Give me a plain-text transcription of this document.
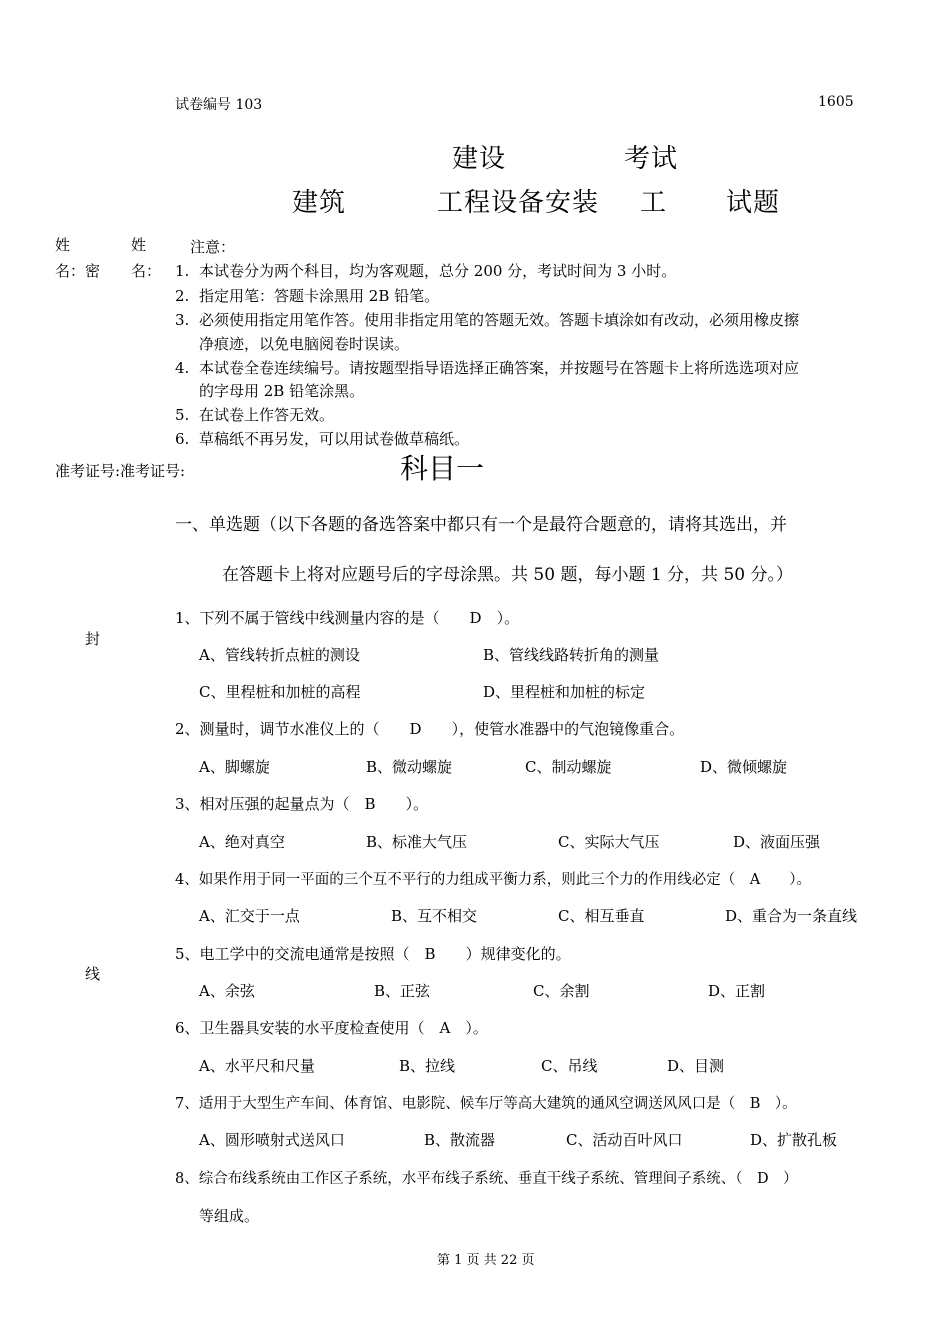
试卷编号 103	1605
建设	考试
建筑	工程设备安装 工 试题
姓
名：密
姓
名：
准考证号:准考证号:
封
线
注意：
1. 本试卷分为两个科目，均为客观题，总分 200 分，考试时间为 3 小时。
2. 指定用笔：答题卡涂黑用 2B 铅笔。
3. 必须使用指定用笔作答。使用非指定用笔的答题无效。答题卡填涂如有改动，必须用橡皮擦
净痕迹，以免电脑阅卷时误读。
4. 本试卷全卷连续编号。请按题型指导语选择正确答案，并按题号在答题卡上将所选选项对应
的字母用 2B 铅笔涂黑。
5. 在试卷上作答无效。
6. 草稿纸不再另发，可以用试卷做草稿纸。
科目一
一、单选题（以下各题的备选答案中都只有一个是最符合题意的，请将其选出，并
在答题卡上将对应题号后的字母涂黑。共 50 题，每小题 1 分，共 50 分。）
1、下列不属于管线中线测量内容的是（　　D　）。
A、管线转折点桩的测设	B、管线线路转折角的测量
C、里程桩和加桩的高程	D、里程桩和加桩的标定
2、测量时，调节水准仪上的（　　D　　），使管水准器中的气泡镜像重合。
A、脚螺旋	B、微动螺旋	C、制动螺旋	D、微倾螺旋
3、相对压强的起量点为（　B　　）。
A、绝对真空	B、标准大气压	C、实际大气压	D、液面压强
4、如果作用于同一平面的三个互不平行的力组成平衡力系，则此三个力的作用线必定（　A　　）。
A、汇交于一点	B、互不相交	C、相互垂直	D、重合为一条直线
5、电工学中的交流电通常是按照（　B　　）规律变化的。
A、余弦	B、正弦	C、余割	D、正割
6、卫生器具安装的水平度检查使用（　A　）。
A、水平尺和尺量	B、拉线	C、吊线	D、目测
7、适用于大型生产车间、体育馆、电影院、候车厅等高大建筑的通风空调送风风口是（　B　）。
A、圆形喷射式送风口	B、散流器	C、活动百叶风口	D、扩散孔板
8、综合布线系统由工作区子系统，水平布线子系统、垂直干线子系统、管理间子系统、（　D　）
等组成。
第 1 页 共 22 页
